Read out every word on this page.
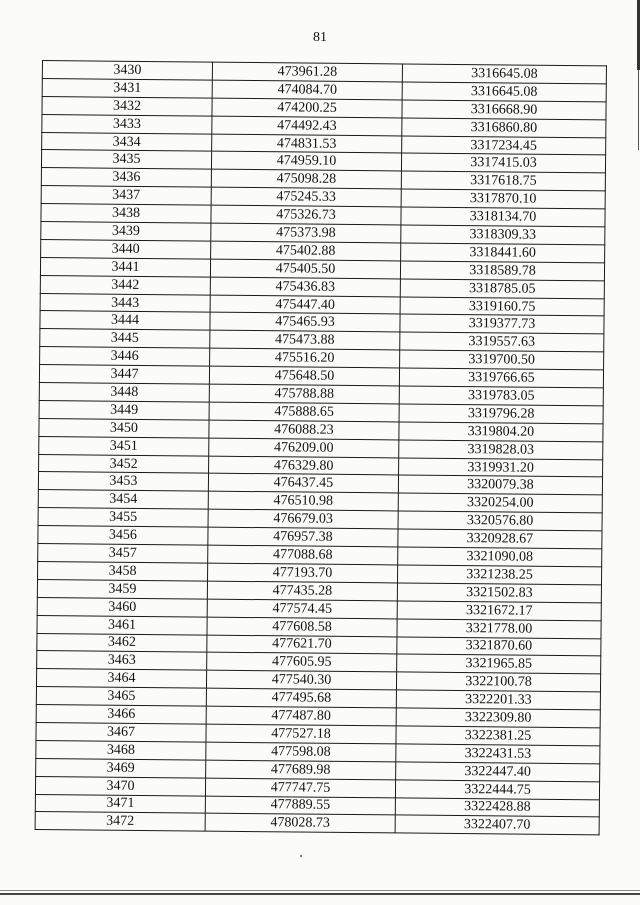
81
3430	473961.28	3316645.08
3431	474084.70	3316645.08
3432	474200.25	3316668.90
3433	474492.43	3316860.80
3434	474831.53	3317234.45
3435	474959.10	3317415.03
3436	475098.28	3317618.75
3437	475245.33	3317870.10
3438	475326.73	3318134.70
3439	475373.98	3318309.33
3440	475402.88	3318441.60
3441	475405.50	3318589.78
3442	475436.83	3318785.05
3443	475447.40	3319160.75
3444	475465.93	3319377.73
3445	475473.88	3319557.63
3446	475516.20	3319700.50
3447	475648.50	3319766.65
3448	475788.88	3319783.05
3449	475888.65	3319796.28
3450	476088.23	3319804.20
3451	476209.00	3319828.03
3452	476329.80	3319931.20
3453	476437.45	3320079.38
3454	476510.98	3320254.00
3455	476679.03	3320576.80
3456	476957.38	3320928.67
3457	477088.68	3321090.08
3458	477193.70	3321238.25
3459	477435.28	3321502.83
3460	477574.45	3321672.17
3461	477608.58	3321778.00
3462	477621.70	3321870.60
3463	477605.95	3321965.85
3464	477540.30	3322100.78
3465	477495.68	3322201.33
3466	477487.80	3322309.80
3467	477527.18	3322381.25
3468	477598.08	3322431.53
3469	477689.98	3322447.40
3470	477747.75	3322444.75
3471	477889.55	3322428.88
3472	478028.73	3322407.70
